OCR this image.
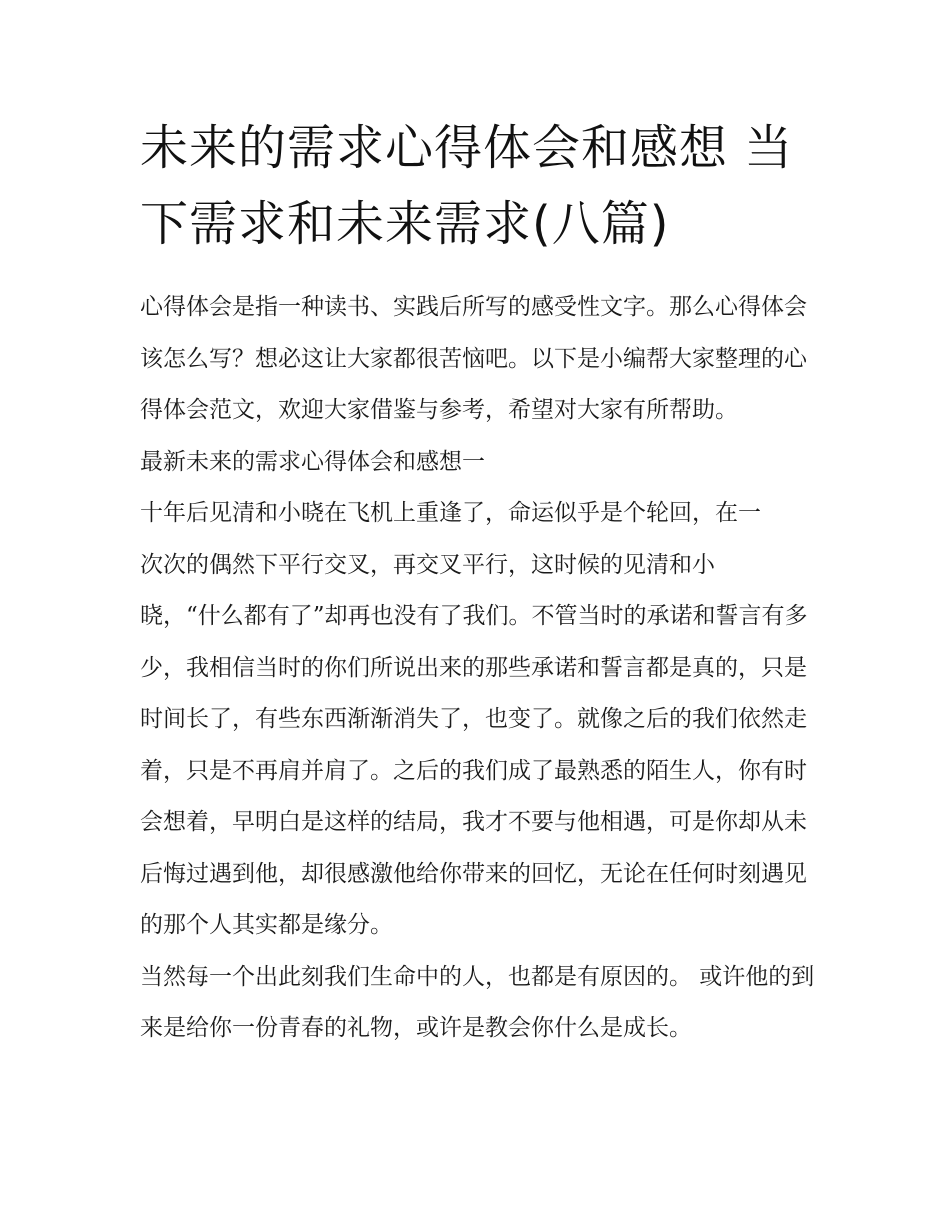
未来的需求心得体会和感想 当
下需求和未来需求(八篇)

心得体会是指一种读书、实践后所写的感受性文字。那么心得体会该怎么写？想必这让大家都很苦恼吧。以下是小编帮大家整理的心得体会范文，欢迎大家借鉴与参考，希望对大家有所帮助。

最新未来的需求心得体会和感想一

十年后见清和小晓在飞机上重逢了，命运似乎是个轮回，在一

次次的偶然下平行交叉，再交叉平行，这时候的见清和小

晓，“什么都有了”却再也没有了我们。不管当时的承诺和誓言有多少，我相信当时的你们所说出来的那些承诺和誓言都是真的，只是时间长了，有些东西渐渐消失了，也变了。就像之后的我们依然走着，只是不再肩并肩了。之后的我们成了最熟悉的陌生人，你有时会想着，早明白是这样的结局，我才不要与他相遇，可是你却从未后悔过遇到他，却很感激他给你带来的回忆，无论在任何时刻遇见的那个人其实都是缘分。

当然每一个出此刻我们生命中的人，也都是有原因的。 或许他的到来是给你一份青春的礼物，或许是教会你什么是成长。
